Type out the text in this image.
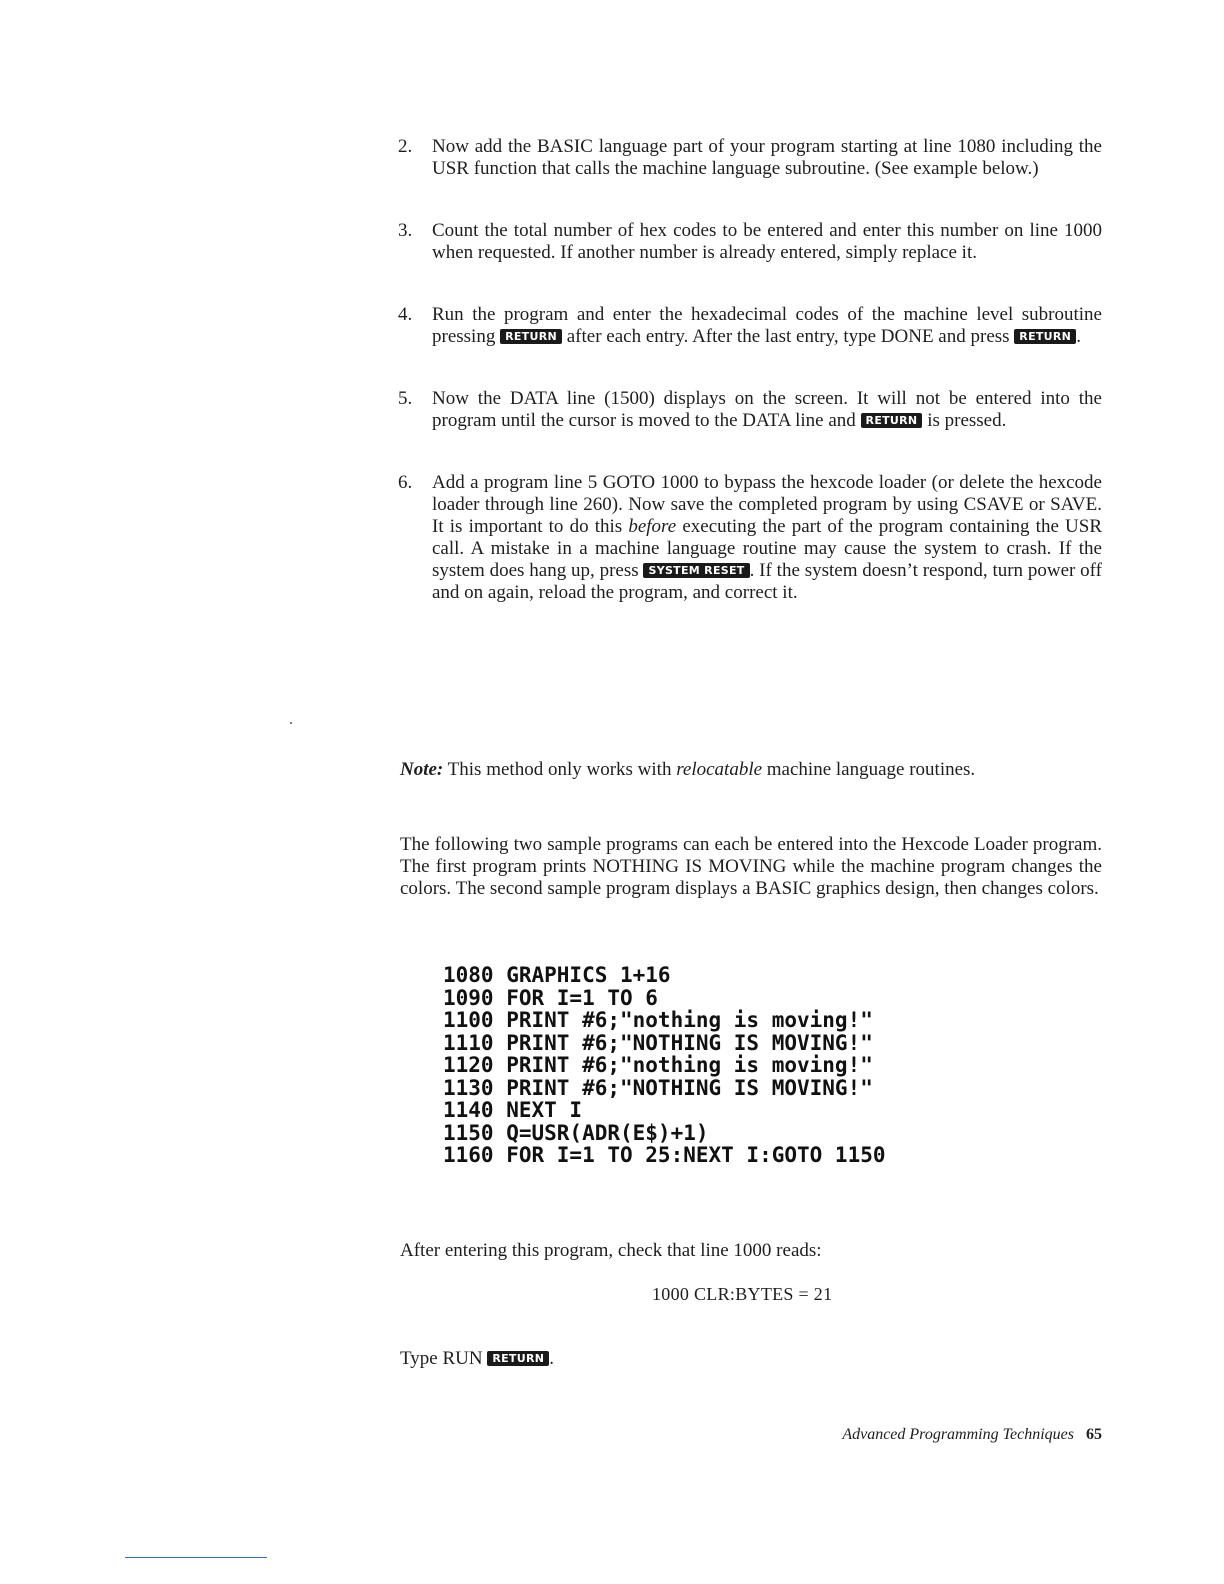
2.	Now add the BASIC language part of your program starting at line 1080 including the USR function that calls the machine language subroutine. (See example below.)
3.	Count the total number of hex codes to be entered and enter this number on line 1000 when requested. If another number is already entered, simply replace it.
4.	Run the program and enter the hexadecimal codes of the machine level subroutine pressing RETURN after each entry. After the last entry, type DONE and press RETURN .
5.	Now the DATA line (1500) displays on the screen. It will not be entered into the program until the cursor is moved to the DATA line and RETURN is pressed.
6.	Add a program line 5 GOTO 1000 to bypass the hexcode loader (or delete the hexcode loader through line 260). Now save the completed program by using CSAVE or SAVE. It is important to do this before executing the part of the program containing the USR call. A mistake in a machine language routine may cause the system to crash. If the system does hang up, press SYSTEM RESET . If the system doesn’t respond, turn power off and on again, reload the program, and correct it.

Note: This method only works with relocatable machine language routines.

The following two sample programs can each be entered into the Hexcode Loader program. The first program prints NOTHING IS MOVING while the machine program changes the colors. The second sample program displays a BASIC graphics design, then changes colors.

1080 GRAPHICS 1+16
1090 FOR I=1 TO 6
1100 PRINT #6;"nothing is moving!"
1110 PRINT #6;"NOTHING IS MOVING!"
1120 PRINT #6;"nothing is moving!"
1130 PRINT #6;"NOTHING IS MOVING!"
1140 NEXT I
1150 Q=USR(ADR(E$)+1)
1160 FOR I=1 TO 25:NEXT I:GOTO 1150

After entering this program, check that line 1000 reads:

1000 CLR:BYTES = 21

Type RUN RETURN .

Advanced Programming Techniques 65
